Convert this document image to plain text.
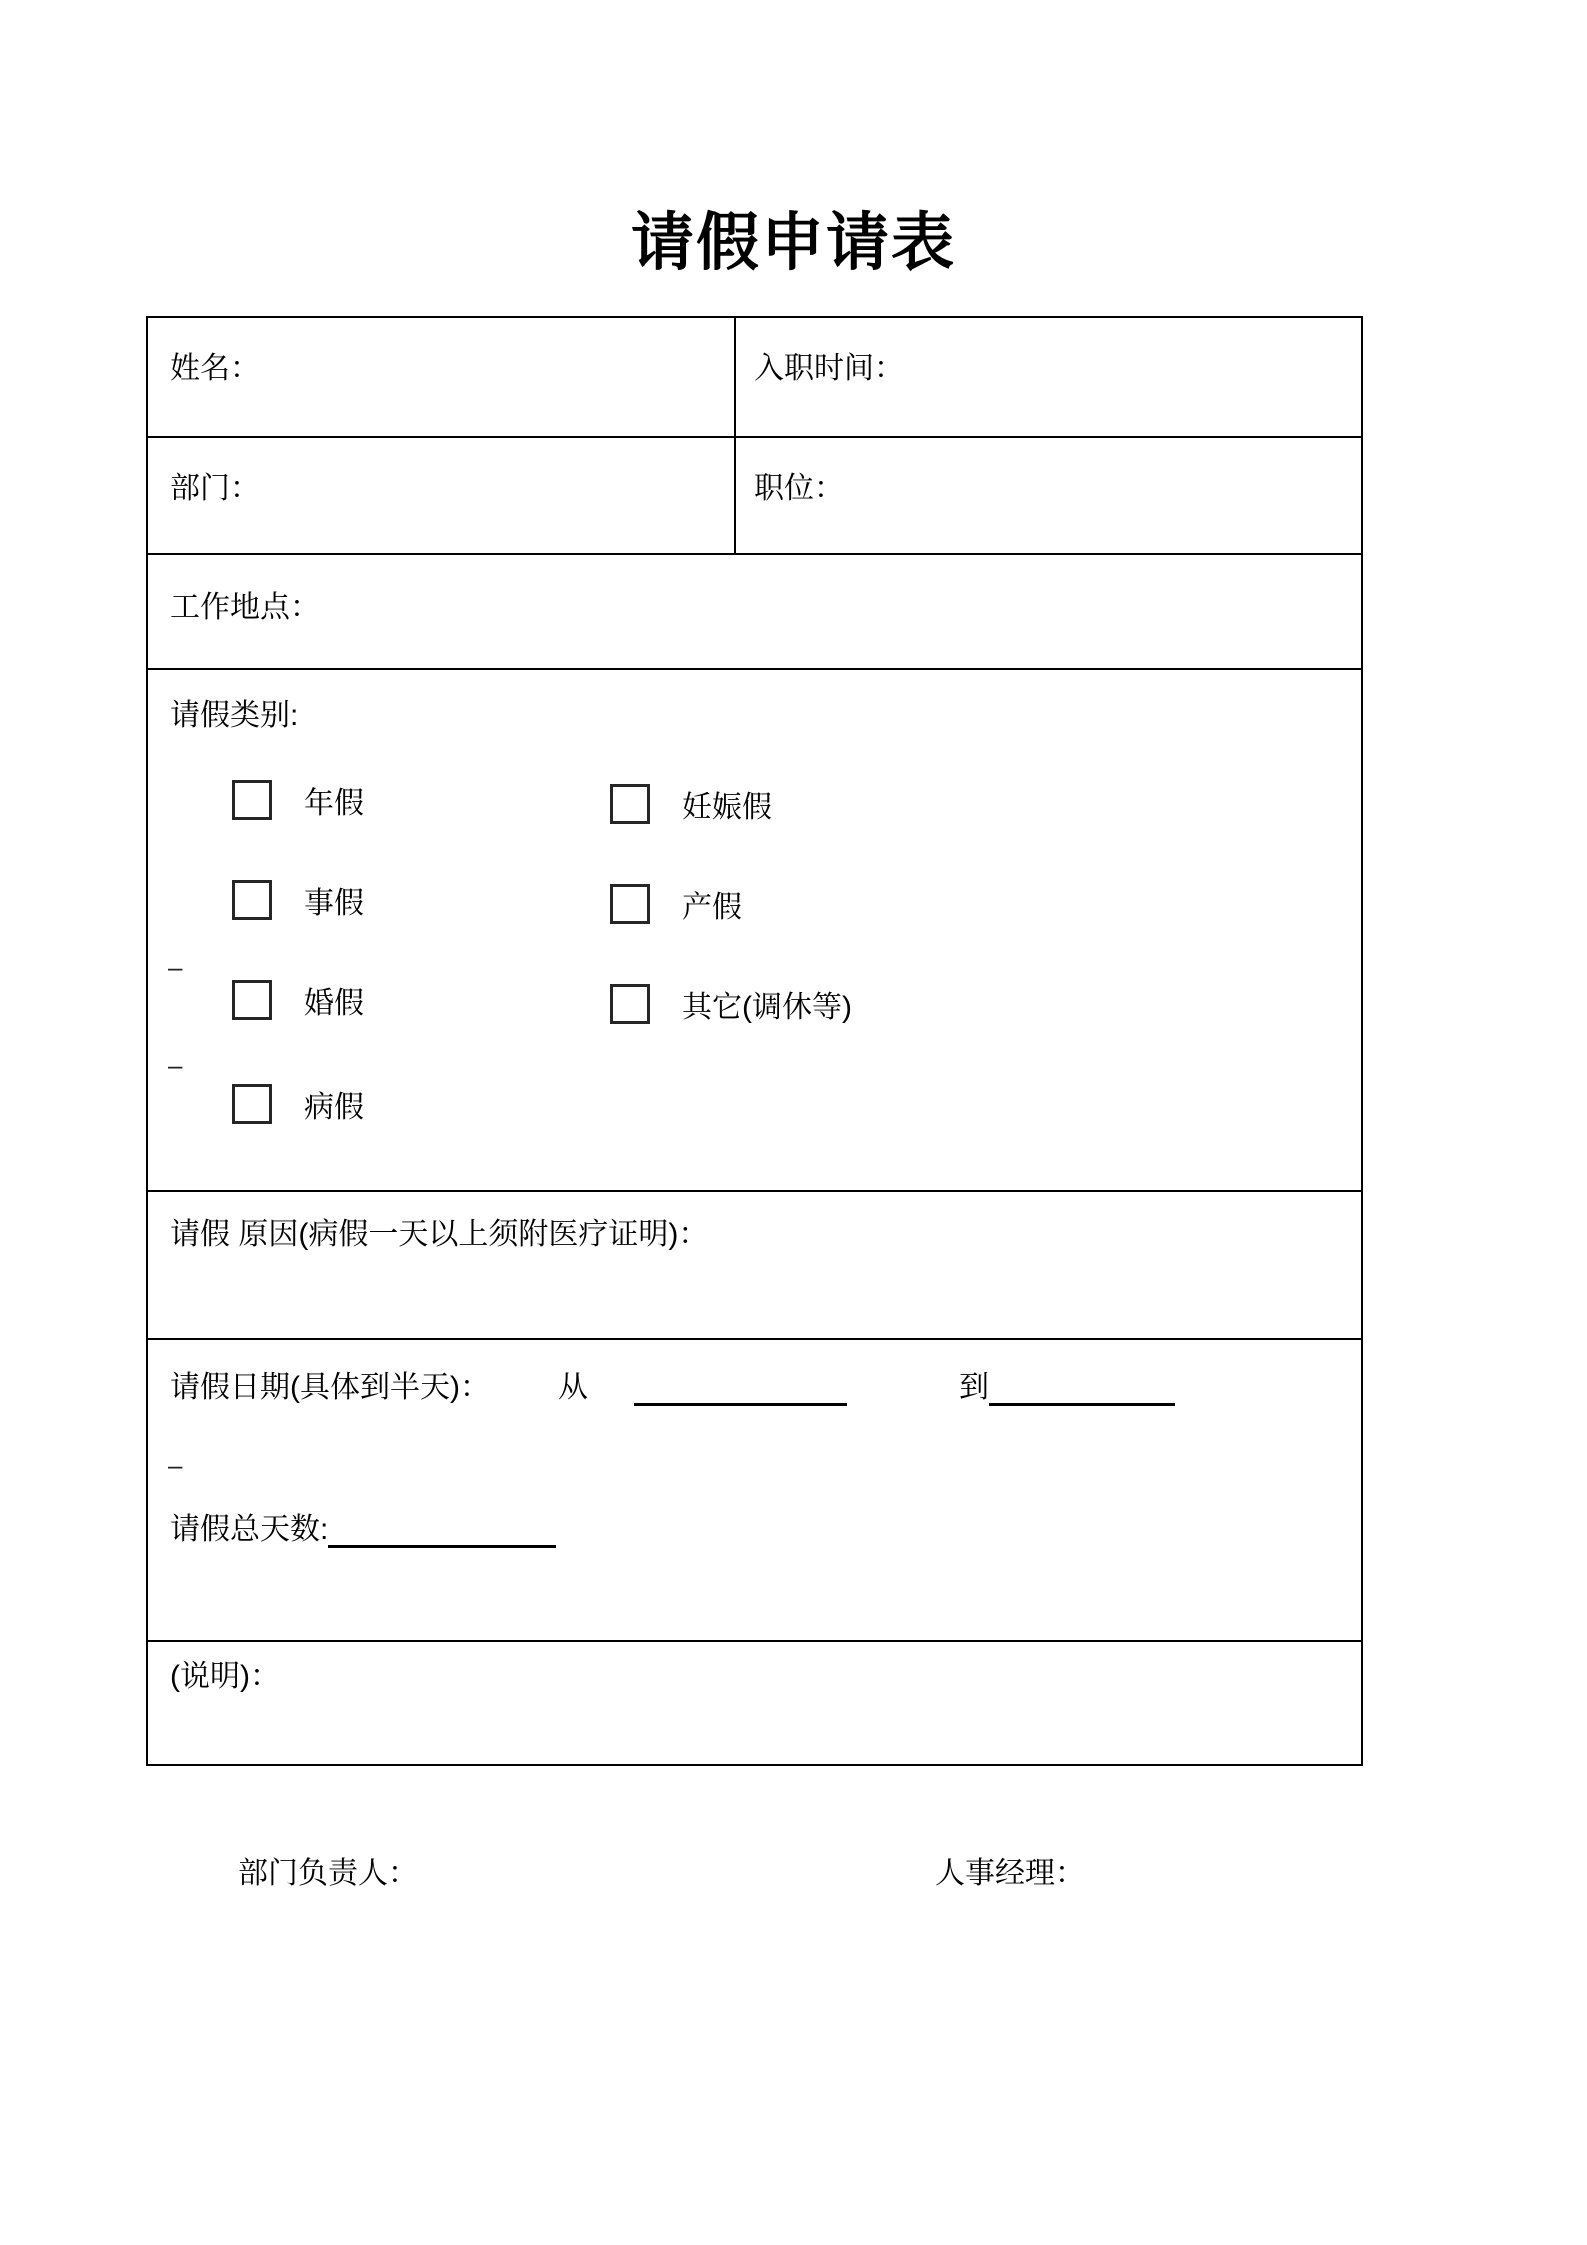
请假申请表
姓名：	入职时间：
部门：	职位：
工作地点：
请假类别:
年假	妊娠假
事假	产假
–
婚假	其它(调休等)
–
病假
请假 原因(病假一天以上须附医疗证明)：
请假日期(具体到半天)： 从	到
–
请假总天数:
(说明)：
部门负责人：	人事经理：
